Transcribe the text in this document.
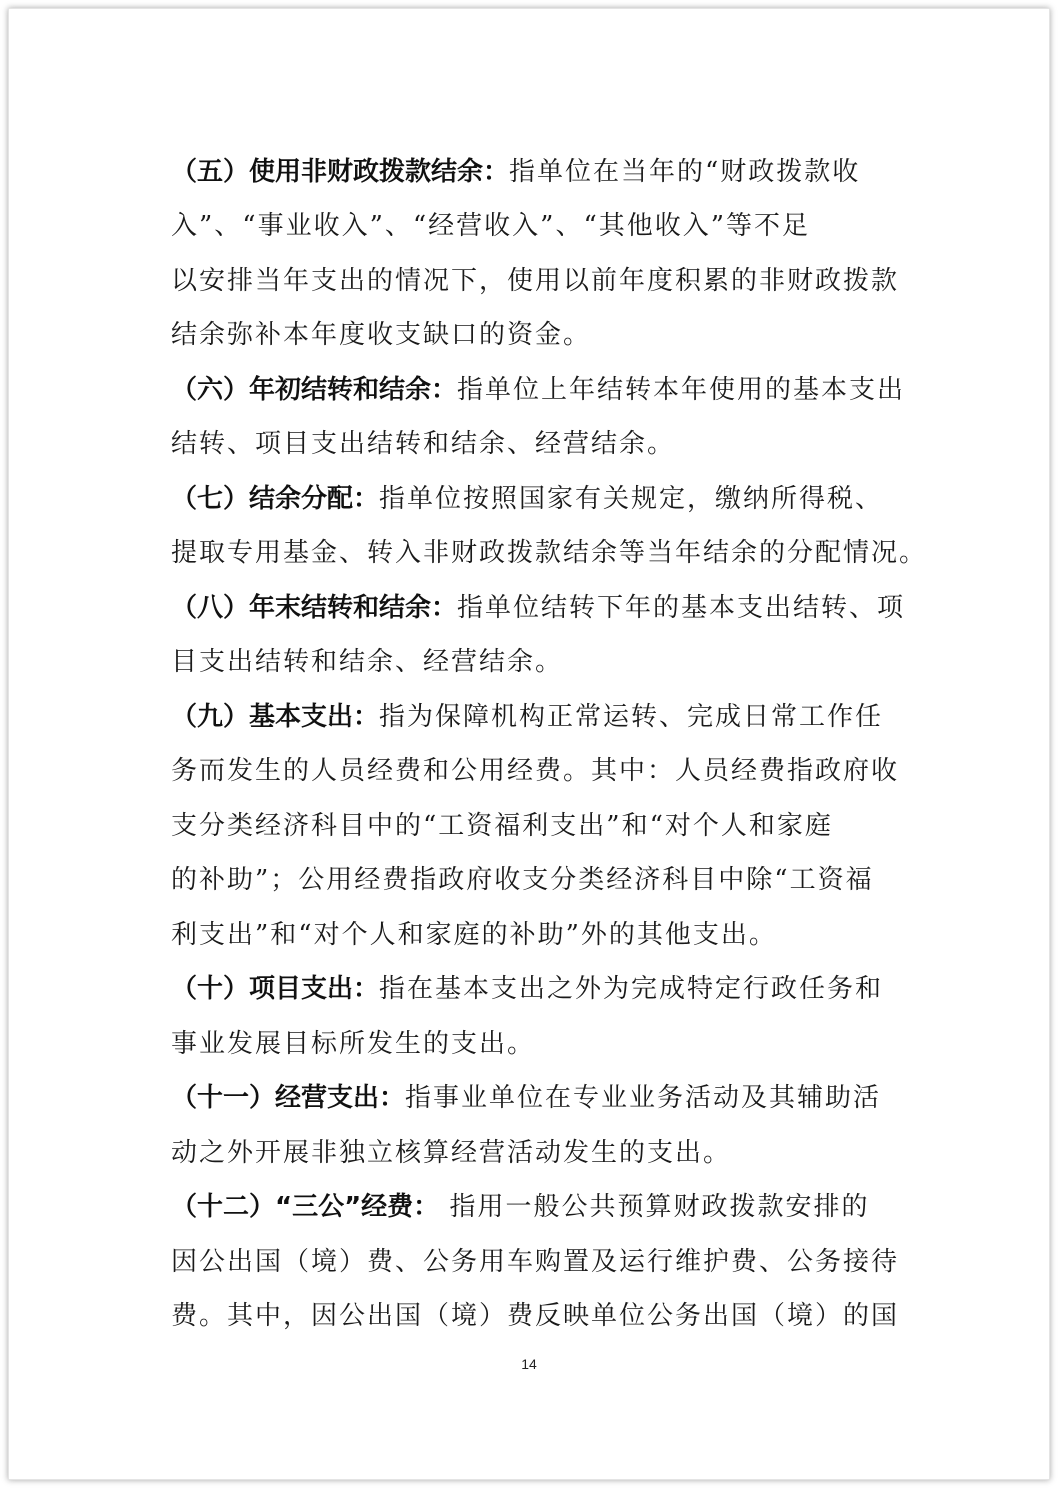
（五）使用非财政拨款结余：指单位在当年的“财政拨款收
入”、“事业收入”、“经营收入”、“其他收入”等不足
以安排当年支出的情况下，使用以前年度积累的非财政拨款
结余弥补本年度收支缺口的资金。
（六）年初结转和结余：指单位上年结转本年使用的基本支出
结转、项目支出结转和结余、经营结余。
（七）结余分配：指单位按照国家有关规定，缴纳所得税、
提取专用基金、转入非财政拨款结余等当年结余的分配情况。
（八）年末结转和结余：指单位结转下年的基本支出结转、项
目支出结转和结余、经营结余。
（九）基本支出：指为保障机构正常运转、完成日常工作任
务而发生的人员经费和公用经费。其中：人员经费指政府收
支分类经济科目中的“工资福利支出”和“对个人和家庭
的补助”；公用经费指政府收支分类经济科目中除“工资福
利支出”和“对个人和家庭的补助”外的其他支出。
（十）项目支出：指在基本支出之外为完成特定行政任务和
事业发展目标所发生的支出。
（十一）经营支出：指事业单位在专业业务活动及其辅助活
动之外开展非独立核算经营活动发生的支出。
（十二）“三公”经费： 指用一般公共预算财政拨款安排的
因公出国（境）费、公务用车购置及运行维护费、公务接待
费。其中，因公出国（境）费反映单位公务出国（境）的国
14
